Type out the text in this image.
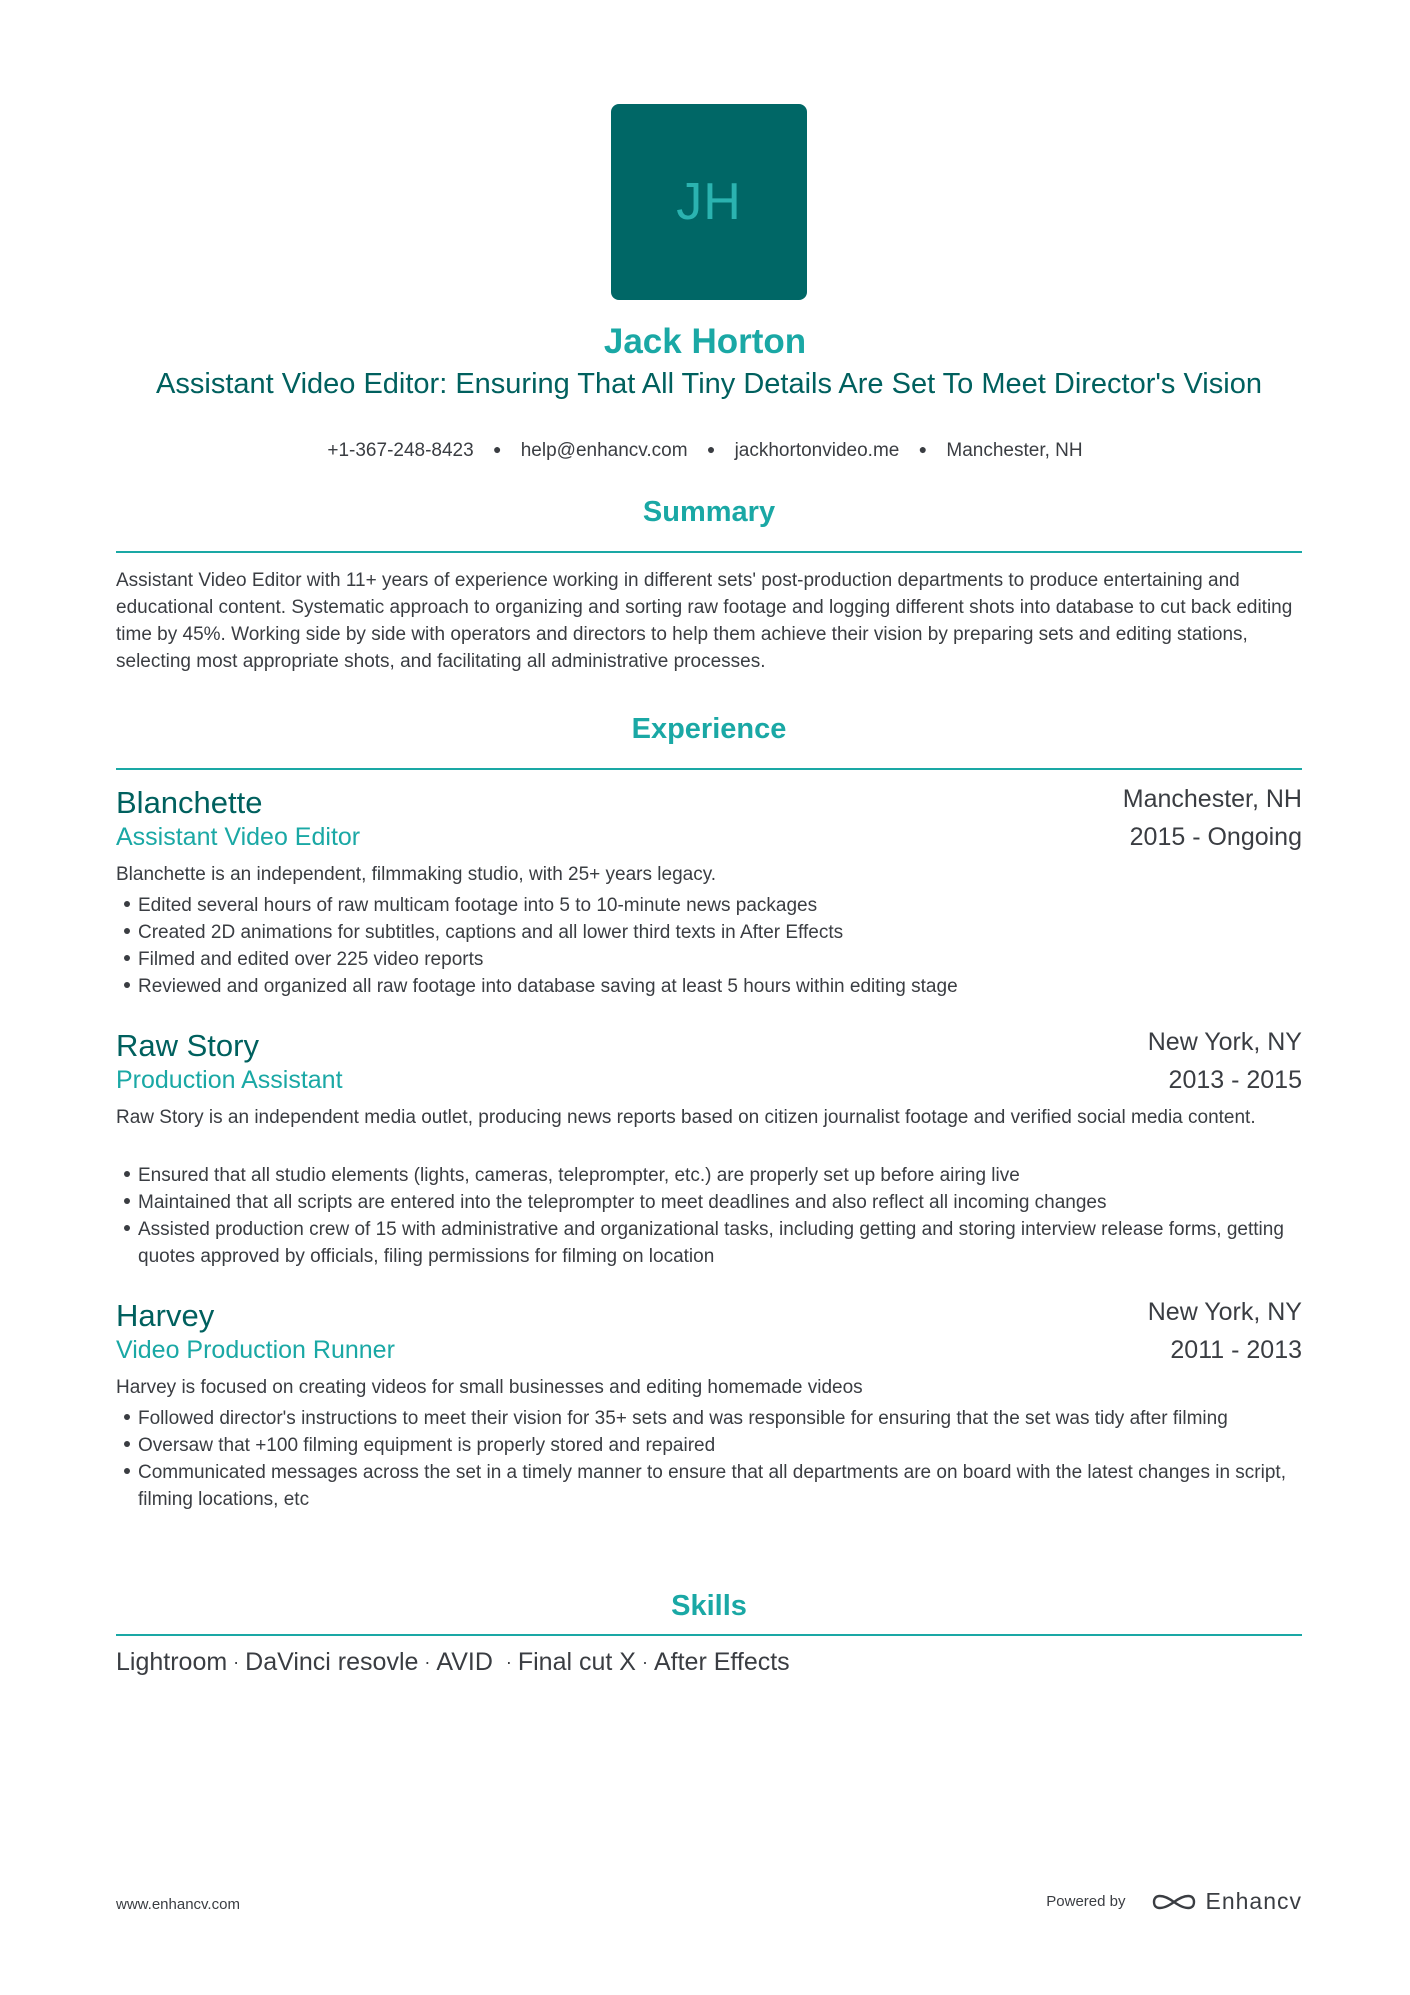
JH
Jack Horton

Assistant Video Editor: Ensuring That All Tiny Details Are Set To Meet Director's Vision

+1-367-248-8423 ● help@enhancv.com ● jackhortonvideo.me ● Manchester, NH
Summary

Assistant Video Editor with 11+ years of experience working in different sets' post-production departments to produce entertaining and educational content. Systematic approach to organizing and sorting raw footage and logging different shots into database to cut back editing time by 45%. Working side by side with operators and directors to help them achieve their vision by preparing sets and editing stations, selecting most appropriate shots, and facilitating all administrative processes.

Experience
Blanchette	Manchester, NH
Assistant Video Editor	2015 - Ongoing

Blanchette is an independent, filmmaking studio, with 25+ years legacy.

Edited several hours of raw multicam footage into 5 to 10-minute news packages
Created 2D animations for subtitles, captions and all lower third texts in After Effects
Filmed and edited over 225 video reports
Reviewed and organized all raw footage into database saving at least 5 hours within editing stage
Raw Story	New York, NY
Production Assistant	2013 - 2015

Raw Story is an independent media outlet, producing news reports based on citizen journalist footage and verified social media content.

Ensured that all studio elements (lights, cameras, teleprompter, etc.) are properly set up before airing live
Maintained that all scripts are entered into the teleprompter to meet deadlines and also reflect all incoming changes
Assisted production crew of 15 with administrative and organizational tasks, including getting and storing interview release forms, getting quotes approved by officials, filing permissions for filming on location
Harvey	New York, NY
Video Production Runner	2011 - 2013

Harvey is focused on creating videos for small businesses and editing homemade videos

Followed director's instructions to meet their vision for 35+ sets and was responsible for ensuring that the set was tidy after filming
Oversaw that +100 filming equipment is properly stored and repaired
Communicated messages across the set in a timely manner to ensure that all departments are on board with the latest changes in script, filming locations, etc
Skills
Lightroom · DaVinci resovle · AVID · Final cut X · After Effects
www.enhancv.com	Powered by	Enhancv
